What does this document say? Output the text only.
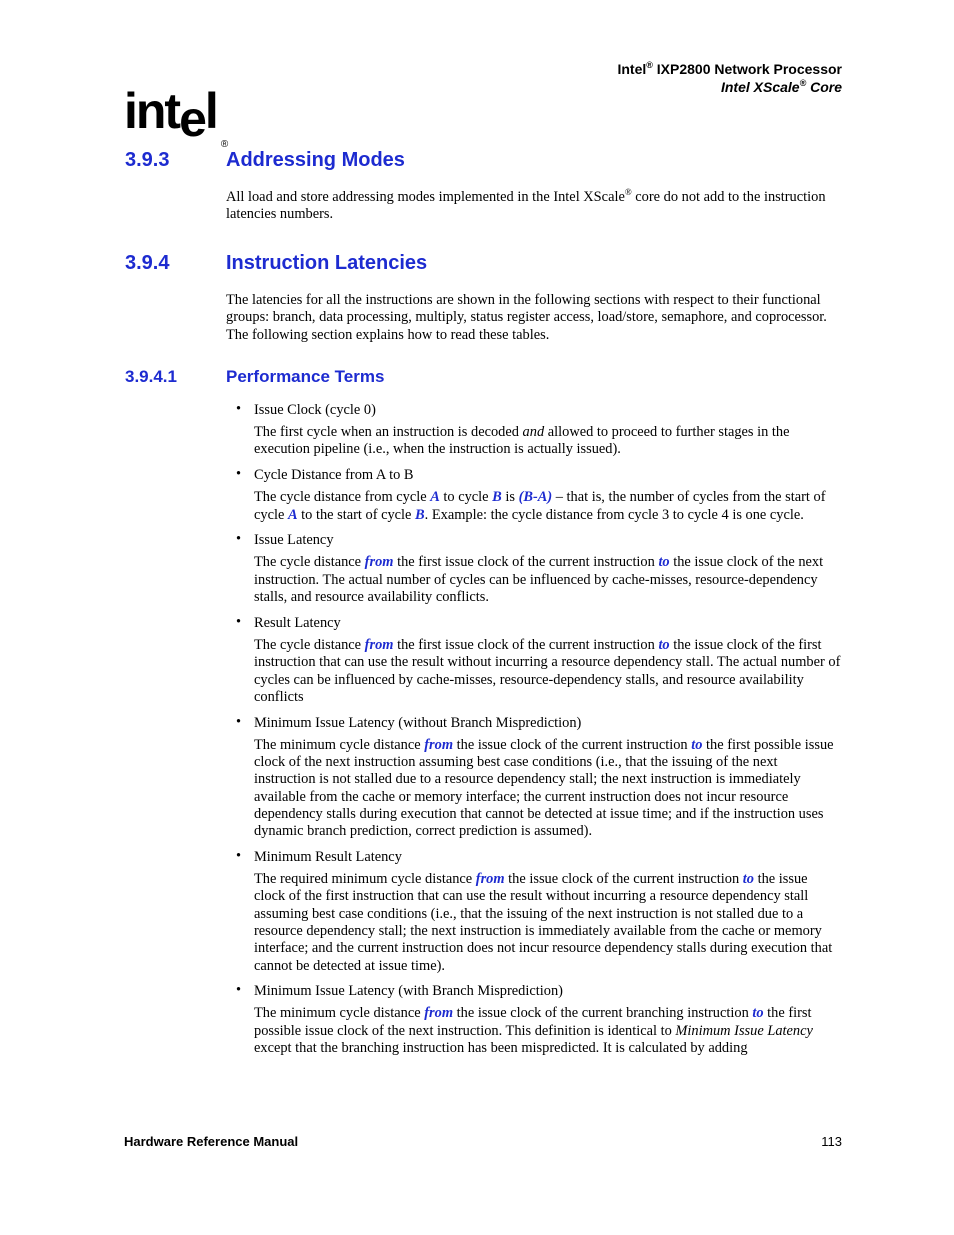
Intel® IXP2800 Network Processor
Intel XScale® Core
intel®
3.9.3	Addressing Modes
All load and store addressing modes implemented in the Intel XScale® core do not add to the instruction latencies numbers.
3.9.4	Instruction Latencies
The latencies for all the instructions are shown in the following sections with respect to their functional groups: branch, data processing, multiply, status register access, load/store, semaphore, and coprocessor. The following section explains how to read these tables.
3.9.4.1	Performance Terms
• Issue Clock (cycle 0)
The first cycle when an instruction is decoded and allowed to proceed to further stages in the execution pipeline (i.e., when the instruction is actually issued).
• Cycle Distance from A to B
The cycle distance from cycle A to cycle B is (B-A) – that is, the number of cycles from the start of cycle A to the start of cycle B. Example: the cycle distance from cycle 3 to cycle 4 is one cycle.
• Issue Latency
The cycle distance from the first issue clock of the current instruction to the issue clock of the next instruction. The actual number of cycles can be influenced by cache-misses, resource-dependency stalls, and resource availability conflicts.
• Result Latency
The cycle distance from the first issue clock of the current instruction to the issue clock of the first instruction that can use the result without incurring a resource dependency stall. The actual number of cycles can be influenced by cache-misses, resource-dependency stalls, and resource availability conflicts
• Minimum Issue Latency (without Branch Misprediction)
The minimum cycle distance from the issue clock of the current instruction to the first possible issue clock of the next instruction assuming best case conditions (i.e., that the issuing of the next instruction is not stalled due to a resource dependency stall; the next instruction is immediately available from the cache or memory interface; the current instruction does not incur resource dependency stalls during execution that cannot be detected at issue time; and if the instruction uses dynamic branch prediction, correct prediction is assumed).
• Minimum Result Latency
The required minimum cycle distance from the issue clock of the current instruction to the issue clock of the first instruction that can use the result without incurring a resource dependency stall assuming best case conditions (i.e., that the issuing of the next instruction is not stalled due to a resource dependency stall; the next instruction is immediately available from the cache or memory interface; and the current instruction does not incur resource dependency stalls during execution that cannot be detected at issue time).
• Minimum Issue Latency (with Branch Misprediction)
The minimum cycle distance from the issue clock of the current branching instruction to the first possible issue clock of the next instruction. This definition is identical to Minimum Issue Latency except that the branching instruction has been mispredicted. It is calculated by adding
Hardware Reference Manual	113
